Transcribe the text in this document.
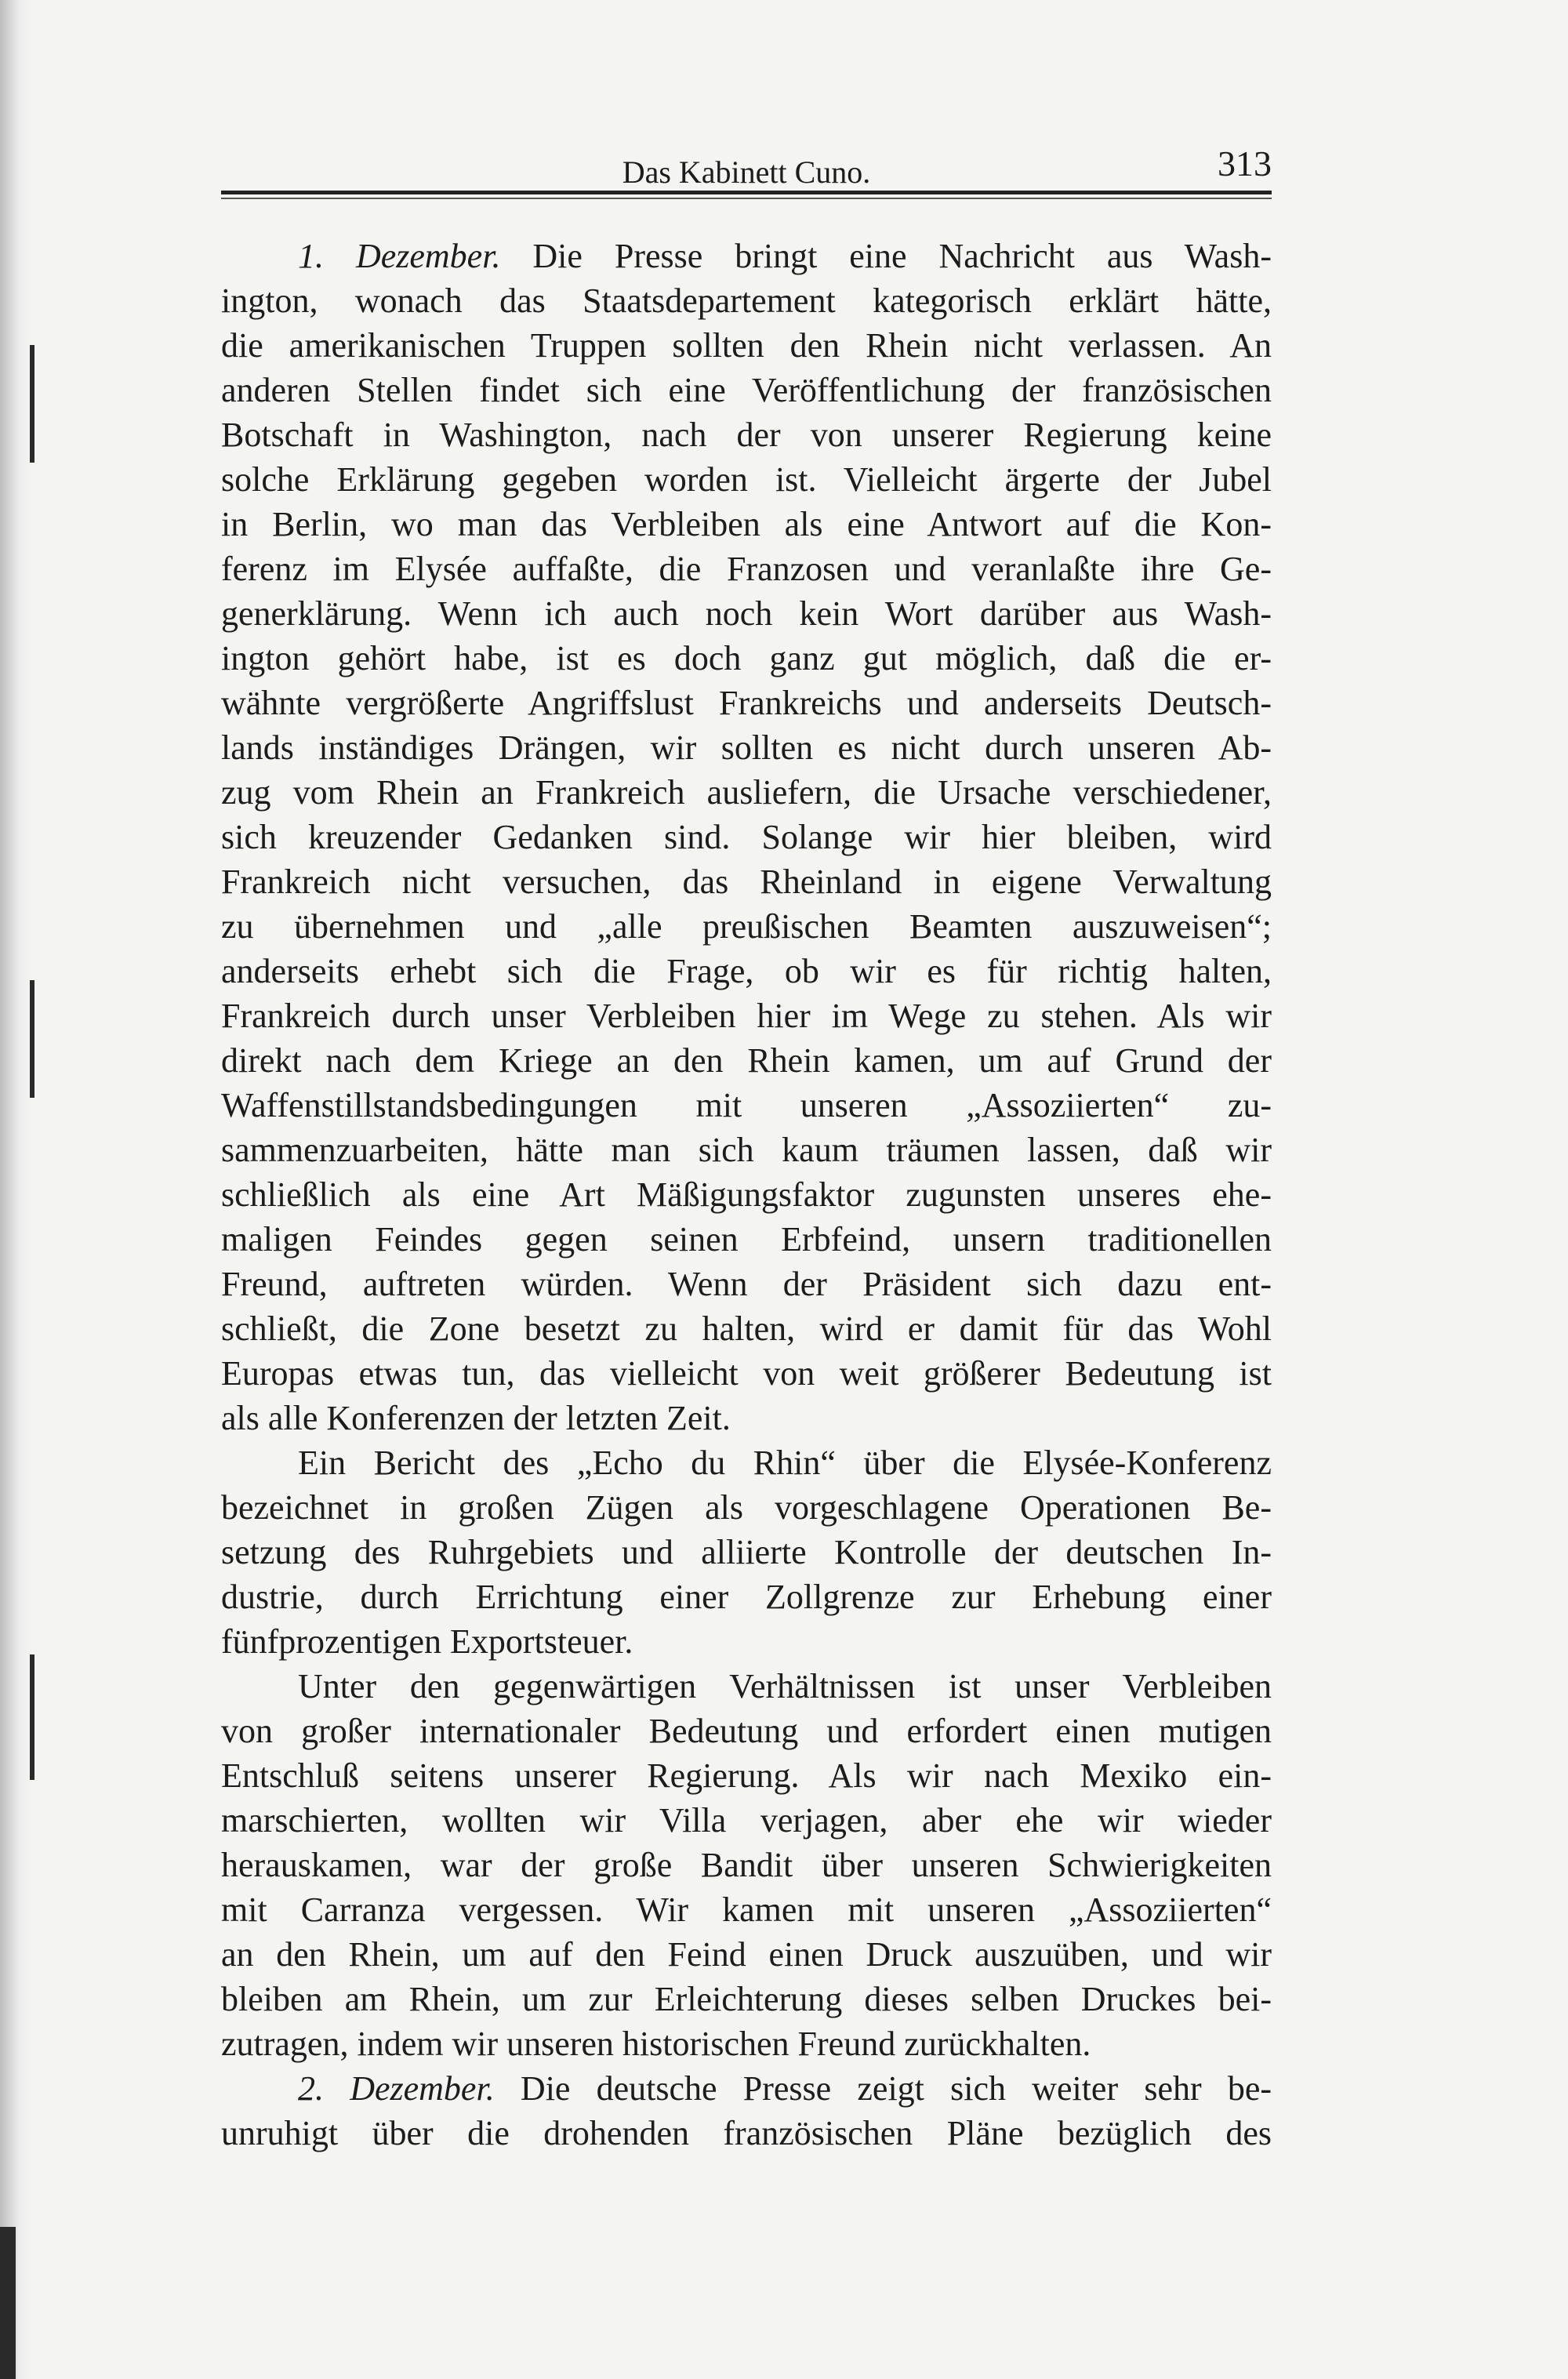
Das Kabinett Cuno.	313
1. Dezember. Die Presse bringt eine Nachricht aus Wash-
ington, wonach das Staatsdepartement kategorisch erklärt hätte,
die amerikanischen Truppen sollten den Rhein nicht verlassen. An
anderen Stellen findet sich eine Veröffentlichung der französischen
Botschaft in Washington, nach der von unserer Regierung keine
solche Erklärung gegeben worden ist. Vielleicht ärgerte der Jubel
in Berlin, wo man das Verbleiben als eine Antwort auf die Kon-
ferenz im Elysée auffaßte, die Franzosen und veranlaßte ihre Ge-
generklärung. Wenn ich auch noch kein Wort darüber aus Wash-
ington gehört habe, ist es doch ganz gut möglich, daß die er-
wähnte vergrößerte Angriffslust Frankreichs und anderseits Deutsch-
lands inständiges Drängen, wir sollten es nicht durch unseren Ab-
zug vom Rhein an Frankreich ausliefern, die Ursache verschiedener,
sich kreuzender Gedanken sind. Solange wir hier bleiben, wird
Frankreich nicht versuchen, das Rheinland in eigene Verwaltung
zu übernehmen und „alle preußischen Beamten auszuweisen“;
anderseits erhebt sich die Frage, ob wir es für richtig halten,
Frankreich durch unser Verbleiben hier im Wege zu stehen. Als wir
direkt nach dem Kriege an den Rhein kamen, um auf Grund der
Waffenstillstandsbedingungen mit unseren „Assoziierten“ zu-
sammenzuarbeiten, hätte man sich kaum träumen lassen, daß wir
schließlich als eine Art Mäßigungsfaktor zugunsten unseres ehe-
maligen Feindes gegen seinen Erbfeind, unsern traditionellen
Freund, auftreten würden. Wenn der Präsident sich dazu ent-
schließt, die Zone besetzt zu halten, wird er damit für das Wohl
Europas etwas tun, das vielleicht von weit größerer Bedeutung ist
als alle Konferenzen der letzten Zeit.
Ein Bericht des „Echo du Rhin“ über die Elysée-Konferenz
bezeichnet in großen Zügen als vorgeschlagene Operationen Be-
setzung des Ruhrgebiets und alliierte Kontrolle der deutschen In-
dustrie, durch Errichtung einer Zollgrenze zur Erhebung einer
fünfprozentigen Exportsteuer.
Unter den gegenwärtigen Verhältnissen ist unser Verbleiben
von großer internationaler Bedeutung und erfordert einen mutigen
Entschluß seitens unserer Regierung. Als wir nach Mexiko ein-
marschierten, wollten wir Villa verjagen, aber ehe wir wieder
herauskamen, war der große Bandit über unseren Schwierigkeiten
mit Carranza vergessen. Wir kamen mit unseren „Assoziierten“
an den Rhein, um auf den Feind einen Druck auszuüben, und wir
bleiben am Rhein, um zur Erleichterung dieses selben Druckes bei-
zutragen, indem wir unseren historischen Freund zurückhalten.
2. Dezember. Die deutsche Presse zeigt sich weiter sehr be-
unruhigt über die drohenden französischen Pläne bezüglich des
